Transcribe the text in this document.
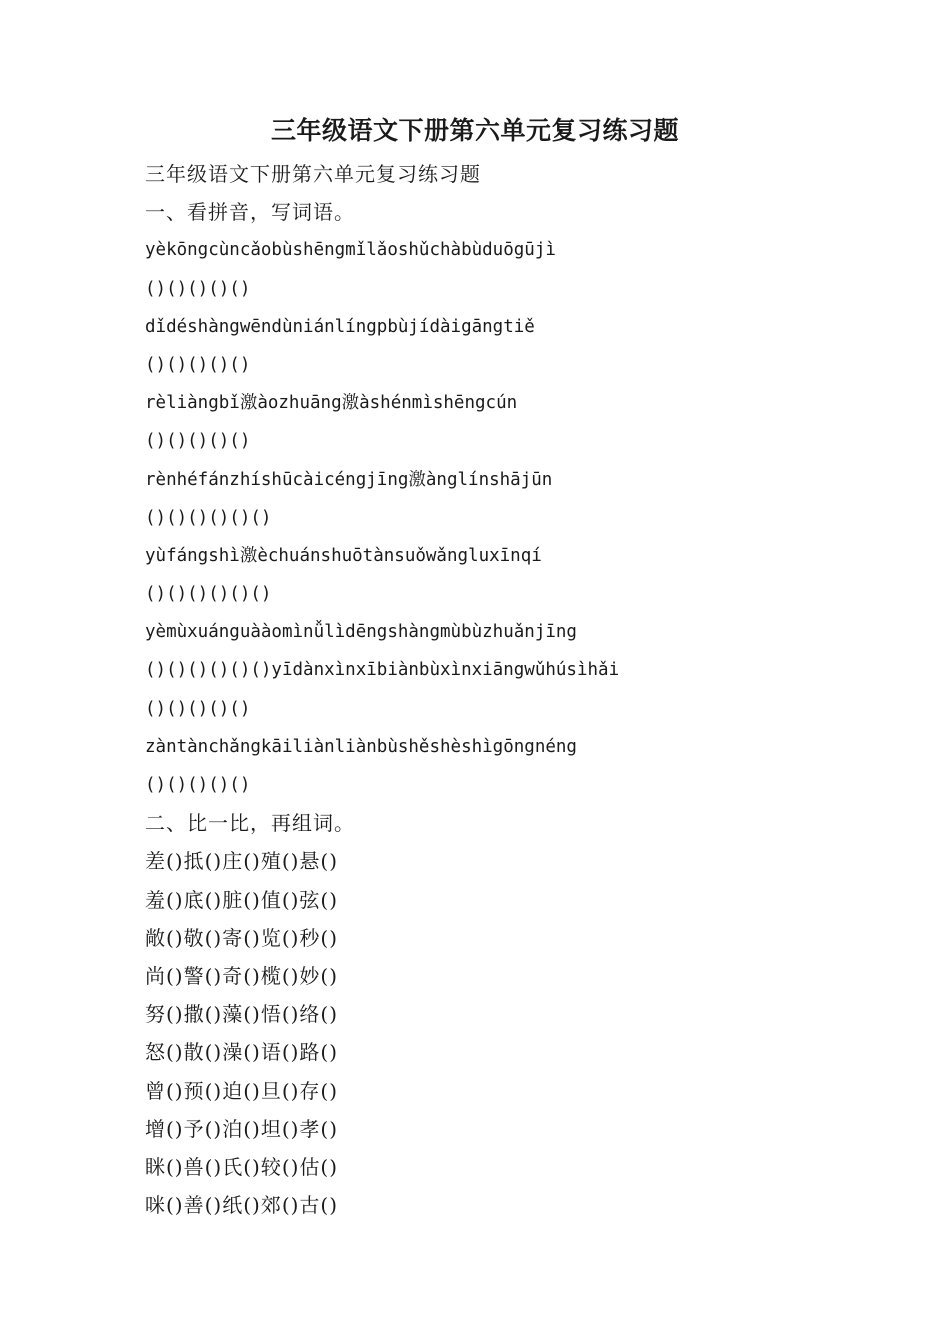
三年级语文下册第六单元复习练习题
三年级语文下册第六单元复习练习题
一、看拼音，写词语。
yèkōngcùncǎobùshēngmǐlǎoshǔchàbùduōgūjì
()()()()()
dǐdéshàngwēndùniánlíngpbùjídàigāngtiě
()()()()()
rèliàngbǐ激àozhuāng激àshénmìshēngcún
()()()()()
rènhéfánzhíshūcàicéngjīng激ànglínshājūn
()()()()()()
yùfángshì激èchuánshuōtànsuǒwǎngluxīnqí
()()()()()()
yèmùxuánguààomìnǚlìdēngshàngmùbùzhuǎnjīng
()()()()()()yīdànxìnxībiànbùxìnxiāngwǔhúsìhǎi
()()()()()
zàntànchǎngkāiliànliànbùshěshèshìgōngnéng
()()()()()
二、比一比，再组词。
差()抵()庄()殖()悬()
羞()底()脏()值()弦()
敞()敬()寄()览()秒()
尚()警()奇()榄()妙()
努()撒()藻()悟()络()
怒()散()澡()语()路()
曾()预()迫()旦()存()
增()予()泊()坦()孝()
眯()兽()氏()较()估()
咪()善()纸()郊()古()
